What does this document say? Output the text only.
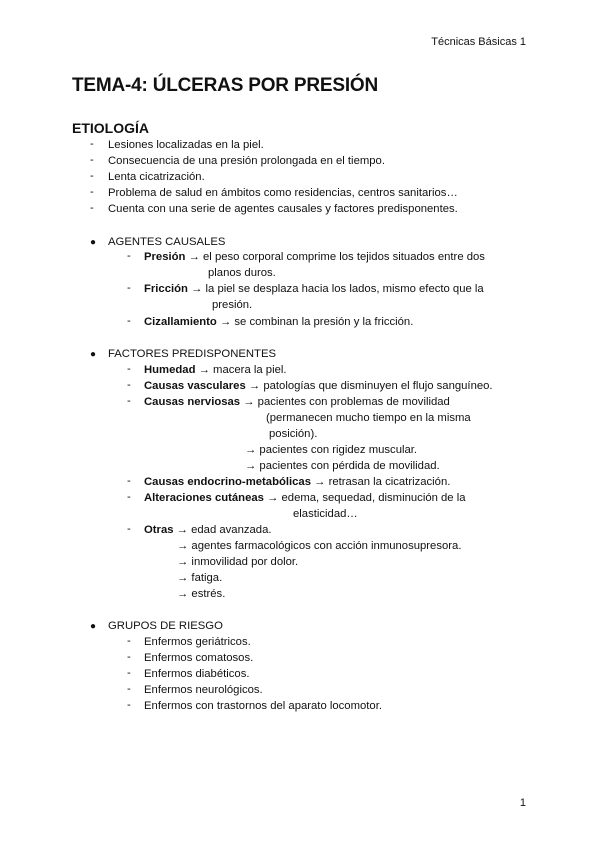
Técnicas Básicas 1
TEMA-4: ÚLCERAS POR PRESIÓN
ETIOLOGÍA
- Lesiones localizadas en la piel.
- Consecuencia de una presión prolongada en el tiempo.
- Lenta cicatrización.
- Problema de salud en ámbitos como residencias, centros sanitarios…
- Cuenta con una serie de agentes causales y factores predisponentes.
● AGENTES CAUSALES
- Presión → el peso corporal comprime los tejidos situados entre dos
planos duros.
- Fricción → la piel se desplaza hacia los lados, mismo efecto que la
presión.
- Cizallamiento → se combinan la presión y la fricción.
● FACTORES PREDISPONENTES
- Humedad → macera la piel.
- Causas vasculares → patologías que disminuyen el flujo sanguíneo.
- Causas nerviosas → pacientes con problemas de movilidad
(permanecen mucho tiempo en la misma
posición).
→ pacientes con rigidez muscular.
→ pacientes con pérdida de movilidad.
- Causas endocrino-metabólicas → retrasan la cicatrización.
- Alteraciones cutáneas → edema, sequedad, disminución de la
elasticidad…
- Otras → edad avanzada.
→ agentes farmacológicos con acción inmunosupresora.
→ inmovilidad por dolor.
→ fatiga.
→ estrés.
● GRUPOS DE RIESGO
- Enfermos geriátricos.
- Enfermos comatosos.
- Enfermos diabéticos.
- Enfermos neurológicos.
- Enfermos con trastornos del aparato locomotor.
1
